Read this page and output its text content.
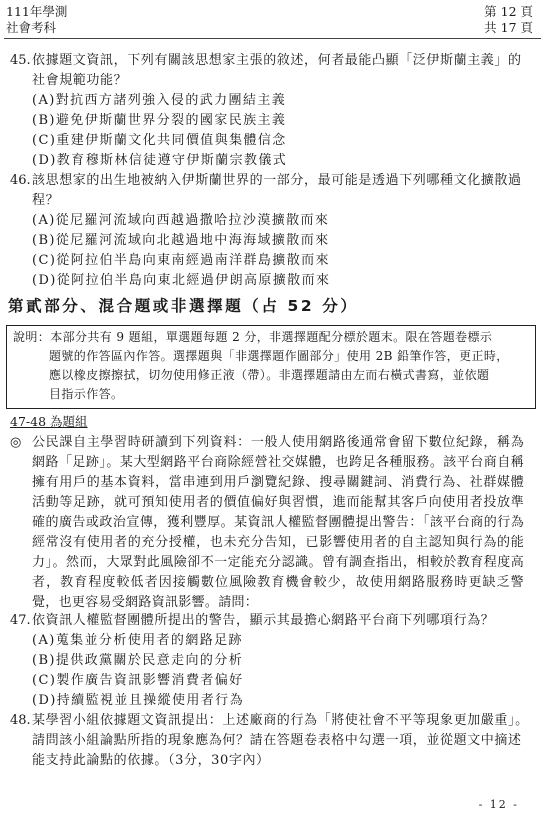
111年學測
社會考科
第 12 頁
共 17 頁
45. 依據題文資訊，下列有關該思想家主張的敘述，何者最能凸顯「泛伊斯蘭主義」的社會規範功能？
(A)對抗西方諸列強入侵的武力團結主義
(B)避免伊斯蘭世界分裂的國家民族主義
(C)重建伊斯蘭文化共同價值與集體信念
(D)教育穆斯林信徒遵守伊斯蘭宗教儀式
46. 該思想家的出生地被納入伊斯蘭世界的一部分，最可能是透過下列哪種文化擴散過程？
(A)從尼羅河流域向西越過撒哈拉沙漠擴散而來
(B)從尼羅河流域向北越過地中海海域擴散而來
(C)從阿拉伯半島向東南經過南洋群島擴散而來
(D)從阿拉伯半島向東北經過伊朗高原擴散而來
第貳部分、混合題或非選擇題（占 52 分）
說明：本部分共有 9 題組，單選題每題 2 分，非選擇題配分標於題末。限在答題卷標示
題號的作答區內作答。選擇題與「非選擇題作圖部分」使用 2B 鉛筆作答，更正時，
應以橡皮擦擦拭，切勿使用修正液（帶）。非選擇題請由左而右橫式書寫，並依題
目指示作答。
47-48 為題組
◎ 公民課自主學習時研讀到下列資料：一般人使用網路後通常會留下數位紀錄，稱為網路「足跡」。某大型網路平台商除經營社交媒體，也跨足各種服務。該平台商自稱擁有用戶的基本資料，當串連到用戶瀏覽紀錄、搜尋關鍵詞、消費行為、社群媒體活動等足跡，就可預知使用者的價值偏好與習慣，進而能幫其客戶向使用者投放準確的廣告或政治宣傳，獲利豐厚。某資訊人權監督團體提出警告：「該平台商的行為經常沒有使用者的充分授權，也未充分告知，已影響使用者的自主認知與行為的能力」。然而，大眾對此風險卻不一定能充分認識。曾有調查指出，相較於教育程度高者，教育程度較低者因接觸數位風險教育機會較少，故使用網路服務時更缺乏警覺，也更容易受網路資訊影響。請問：
47. 依資訊人權監督團體所提出的警告，顯示其最擔心網路平台商下列哪項行為？
(A)蒐集並分析使用者的網路足跡
(B)提供政黨關於民意走向的分析
(C)製作廣告資訊影響消費者偏好
(D)持續監視並且操縱使用者行為
48. 某學習小組依據題文資訊提出：上述廠商的行為「將使社會不平等現象更加嚴重」。請問該小組論點所指的現象應為何？請在答題卷表格中勾選一項，並從題文中摘述能支持此論點的依據。（3分，30字內）
- 12 -
